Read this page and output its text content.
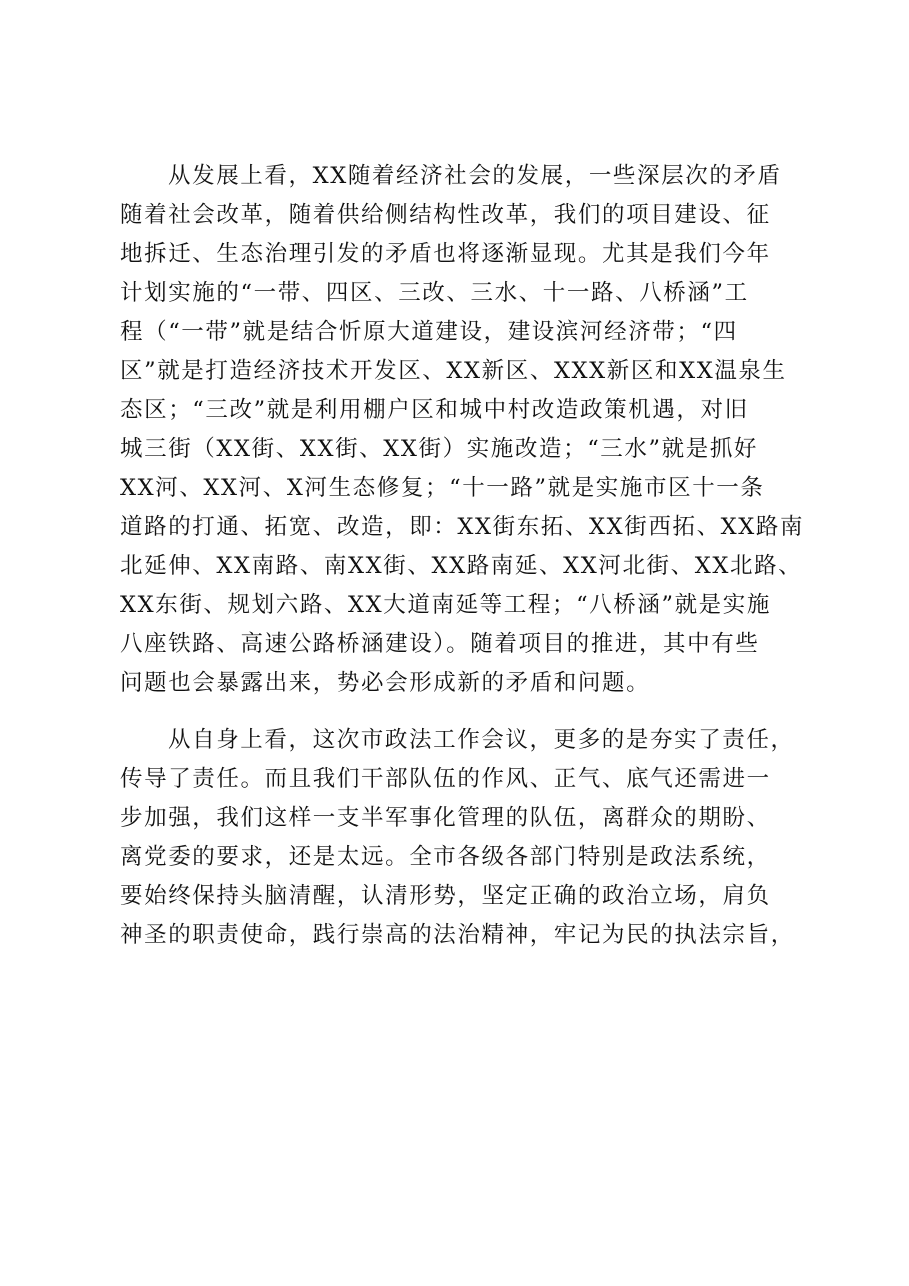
从发展上看，XX随着经济社会的发展，一些深层次的矛盾
随着社会改革，随着供给侧结构性改革，我们的项目建设、征
地拆迁、生态治理引发的矛盾也将逐渐显现。尤其是我们今年
计划实施的“一带、四区、三改、三水、十一路、八桥涵”工
程（“一带”就是结合忻原大道建设，建设滨河经济带；“四
区”就是打造经济技术开发区、XX新区、XXX新区和XX温泉生
态区；“三改”就是利用棚户区和城中村改造政策机遇，对旧
城三街（XX街、XX街、XX街）实施改造；“三水”就是抓好
XX河、XX河、X河生态修复；“十一路”就是实施市区十一条
道路的打通、拓宽、改造，即：XX街东拓、XX街西拓、XX路南
北延伸、XX南路、南XX街、XX路南延、XX河北街、XX北路、
XX东街、规划六路、XX大道南延等工程；“八桥涵”就是实施
八座铁路、高速公路桥涵建设）。随着项目的推进，其中有些
问题也会暴露出来，势必会形成新的矛盾和问题。
从自身上看，这次市政法工作会议，更多的是夯实了责任，
传导了责任。而且我们干部队伍的作风、正气、底气还需进一
步加强，我们这样一支半军事化管理的队伍，离群众的期盼、
离党委的要求，还是太远。全市各级各部门特别是政法系统，
要始终保持头脑清醒，认清形势，坚定正确的政治立场，肩负
神圣的职责使命，践行崇高的法治精神，牢记为民的执法宗旨，
